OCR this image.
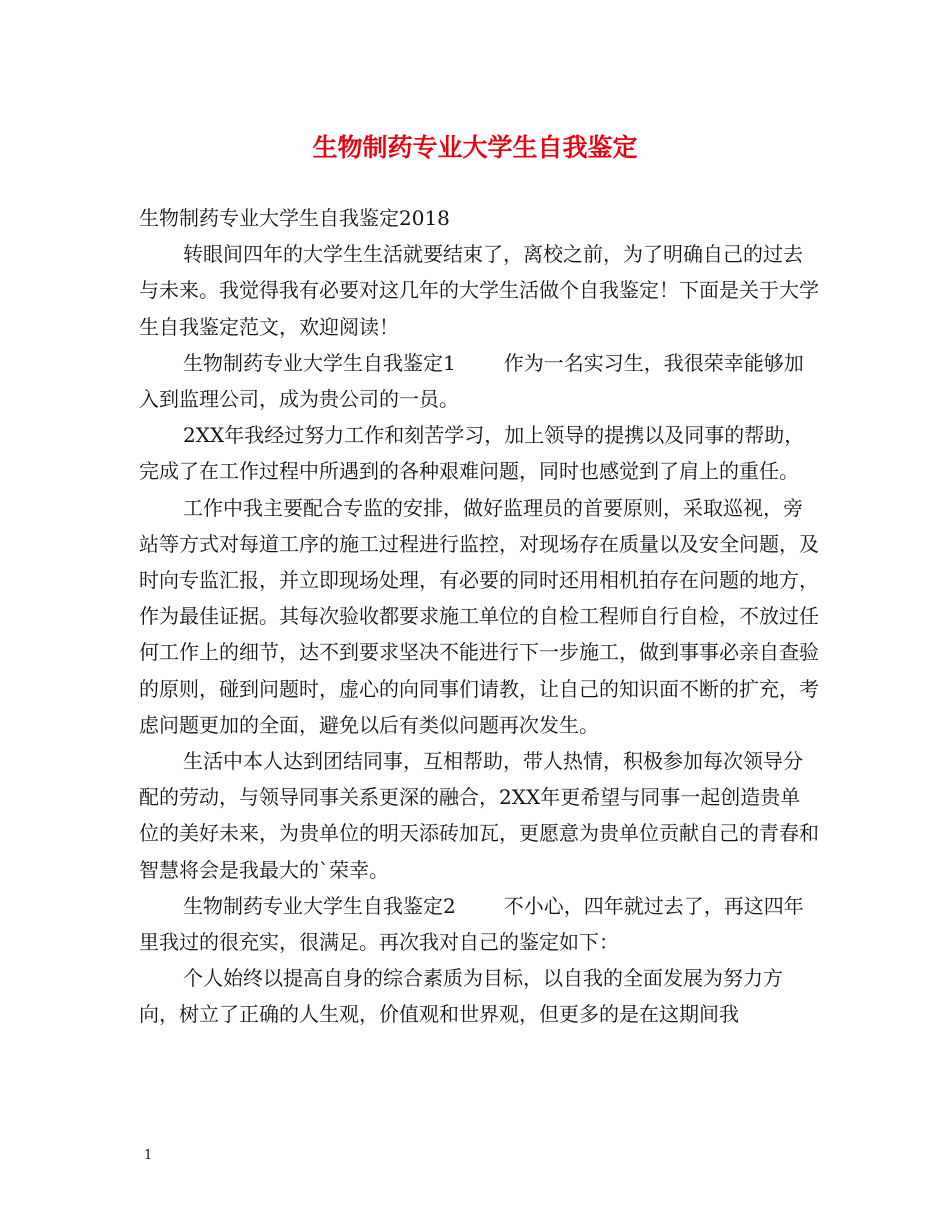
生物制药专业大学生自我鉴定

生物制药专业大学生自我鉴定2018

转眼间四年的大学生生活就要结束了，离校之前，为了明确自己的过去与未来。我觉得我有必要对这几年的大学生活做个自我鉴定！下面是关于大学生自我鉴定范文，欢迎阅读！

生物制药专业大学生自我鉴定1 作为一名实习生，我很荣幸能够加入到监理公司，成为贵公司的一员。

2XX年我经过努力工作和刻苦学习，加上领导的提携以及同事的帮助，完成了在工作过程中所遇到的各种艰难问题，同时也感觉到了肩上的重任。

工作中我主要配合专监的安排，做好监理员的首要原则，采取巡视，旁站等方式对每道工序的施工过程进行监控，对现场存在质量以及安全问题，及时向专监汇报，并立即现场处理，有必要的同时还用相机拍存在问题的地方，作为最佳证据。其每次验收都要求施工单位的自检工程师自行自检，不放过任何工作上的细节，达不到要求坚决不能进行下一步施工，做到事事必亲自查验的原则，碰到问题时，虚心的向同事们请教，让自己的知识面不断的扩充，考虑问题更加的全面，避免以后有类似问题再次发生。

生活中本人达到团结同事，互相帮助，带人热情，积极参加每次领导分配的劳动，与领导同事关系更深的融合，2XX年更希望与同事一起创造贵单位的美好未来，为贵单位的明天添砖加瓦，更愿意为贵单位贡献自己的青春和智慧将会是我最大的`荣幸。

生物制药专业大学生自我鉴定2 不小心，四年就过去了，再这四年里我过的很充实，很满足。再次我对自己的鉴定如下：

个人始终以提高自身的综合素质为目标，以自我的全面发展为努力方向，树立了正确的人生观，价值观和世界观，但更多的是在这期间我

1
